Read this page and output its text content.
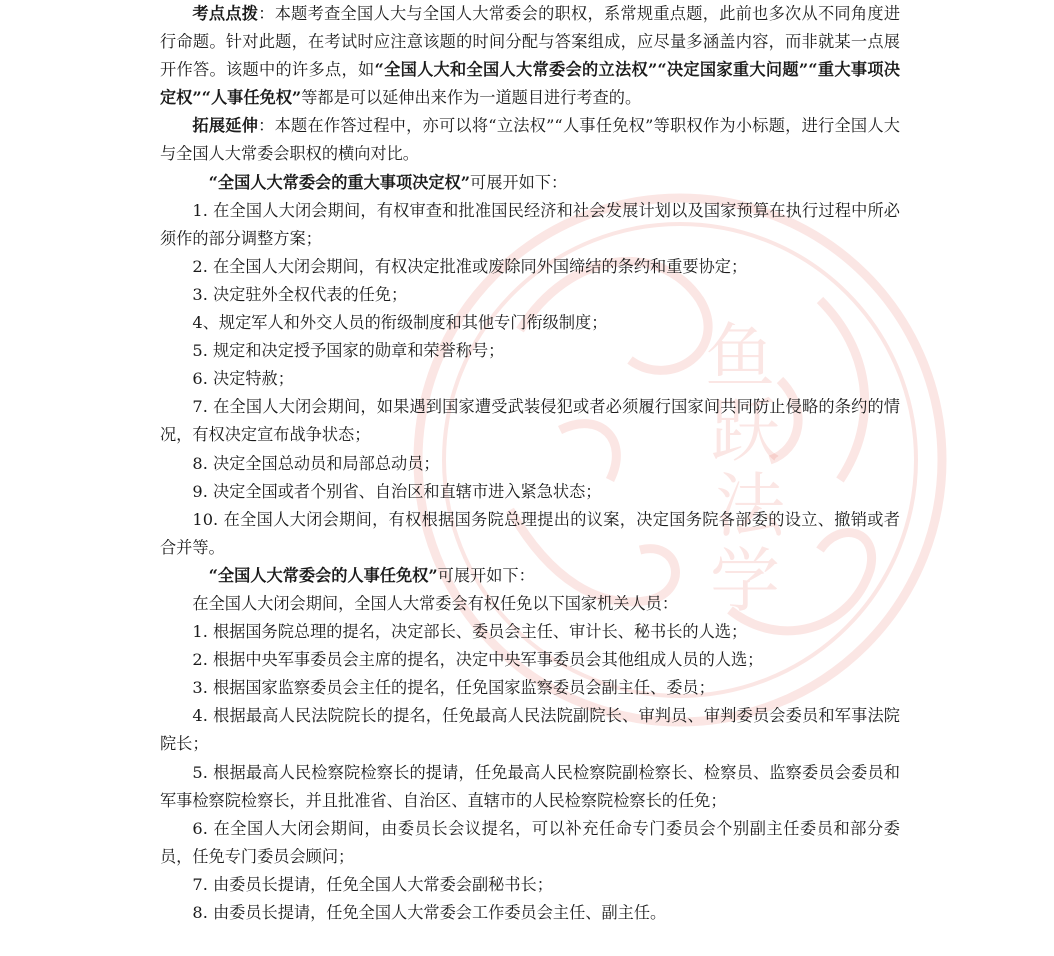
鱼
跃
法
学

考点点拨：本题考查全国人大与全国人大常委会的职权，系常规重点题，此前也多次从不同角度进行命题。针对此题，在考试时应注意该题的时间分配与答案组成，应尽量多涵盖内容，而非就某一点展开作答。该题中的许多点，如“全国人大和全国人大常委会的立法权”“决定国家重大问题”“重大事项决定权”“人事任免权”等都是可以延伸出来作为一道题目进行考查的。

拓展延伸：本题在作答过程中，亦可以将“立法权”“人事任免权”等职权作为小标题，进行全国人大与全国人大常委会职权的横向对比。

“全国人大常委会的重大事项决定权”可展开如下：

1. 在全国人大闭会期间，有权审查和批准国民经济和社会发展计划以及国家预算在执行过程中所必须作的部分调整方案；

2. 在全国人大闭会期间，有权决定批准或废除同外国缔结的条约和重要协定；

3. 决定驻外全权代表的任免；

4、规定军人和外交人员的衔级制度和其他专门衔级制度；

5. 规定和决定授予国家的勋章和荣誉称号；

6. 决定特赦；

7. 在全国人大闭会期间，如果遇到国家遭受武装侵犯或者必须履行国家间共同防止侵略的条约的情况，有权决定宣布战争状态；

8. 决定全国总动员和局部总动员；

9. 决定全国或者个别省、自治区和直辖市进入紧急状态；

10. 在全国人大闭会期间，有权根据国务院总理提出的议案，决定国务院各部委的设立、撤销或者合并等。

“全国人大常委会的人事任免权”可展开如下：

在全国人大闭会期间，全国人大常委会有权任免以下国家机关人员：

1. 根据国务院总理的提名，决定部长、委员会主任、审计长、秘书长的人选；

2. 根据中央军事委员会主席的提名，决定中央军事委员会其他组成人员的人选；

3. 根据国家监察委员会主任的提名，任免国家监察委员会副主任、委员；

4. 根据最高人民法院院长的提名，任免最高人民法院副院长、审判员、审判委员会委员和军事法院院长；

5. 根据最高人民检察院检察长的提请，任免最高人民检察院副检察长、检察员、监察委员会委员和军事检察院检察长，并且批准省、自治区、直辖市的人民检察院检察长的任免；

6. 在全国人大闭会期间，由委员长会议提名，可以补充任命专门委员会个别副主任委员和部分委员，任免专门委员会顾问；

7. 由委员长提请，任免全国人大常委会副秘书长；

8. 由委员长提请，任免全国人大常委会工作委员会主任、副主任。
